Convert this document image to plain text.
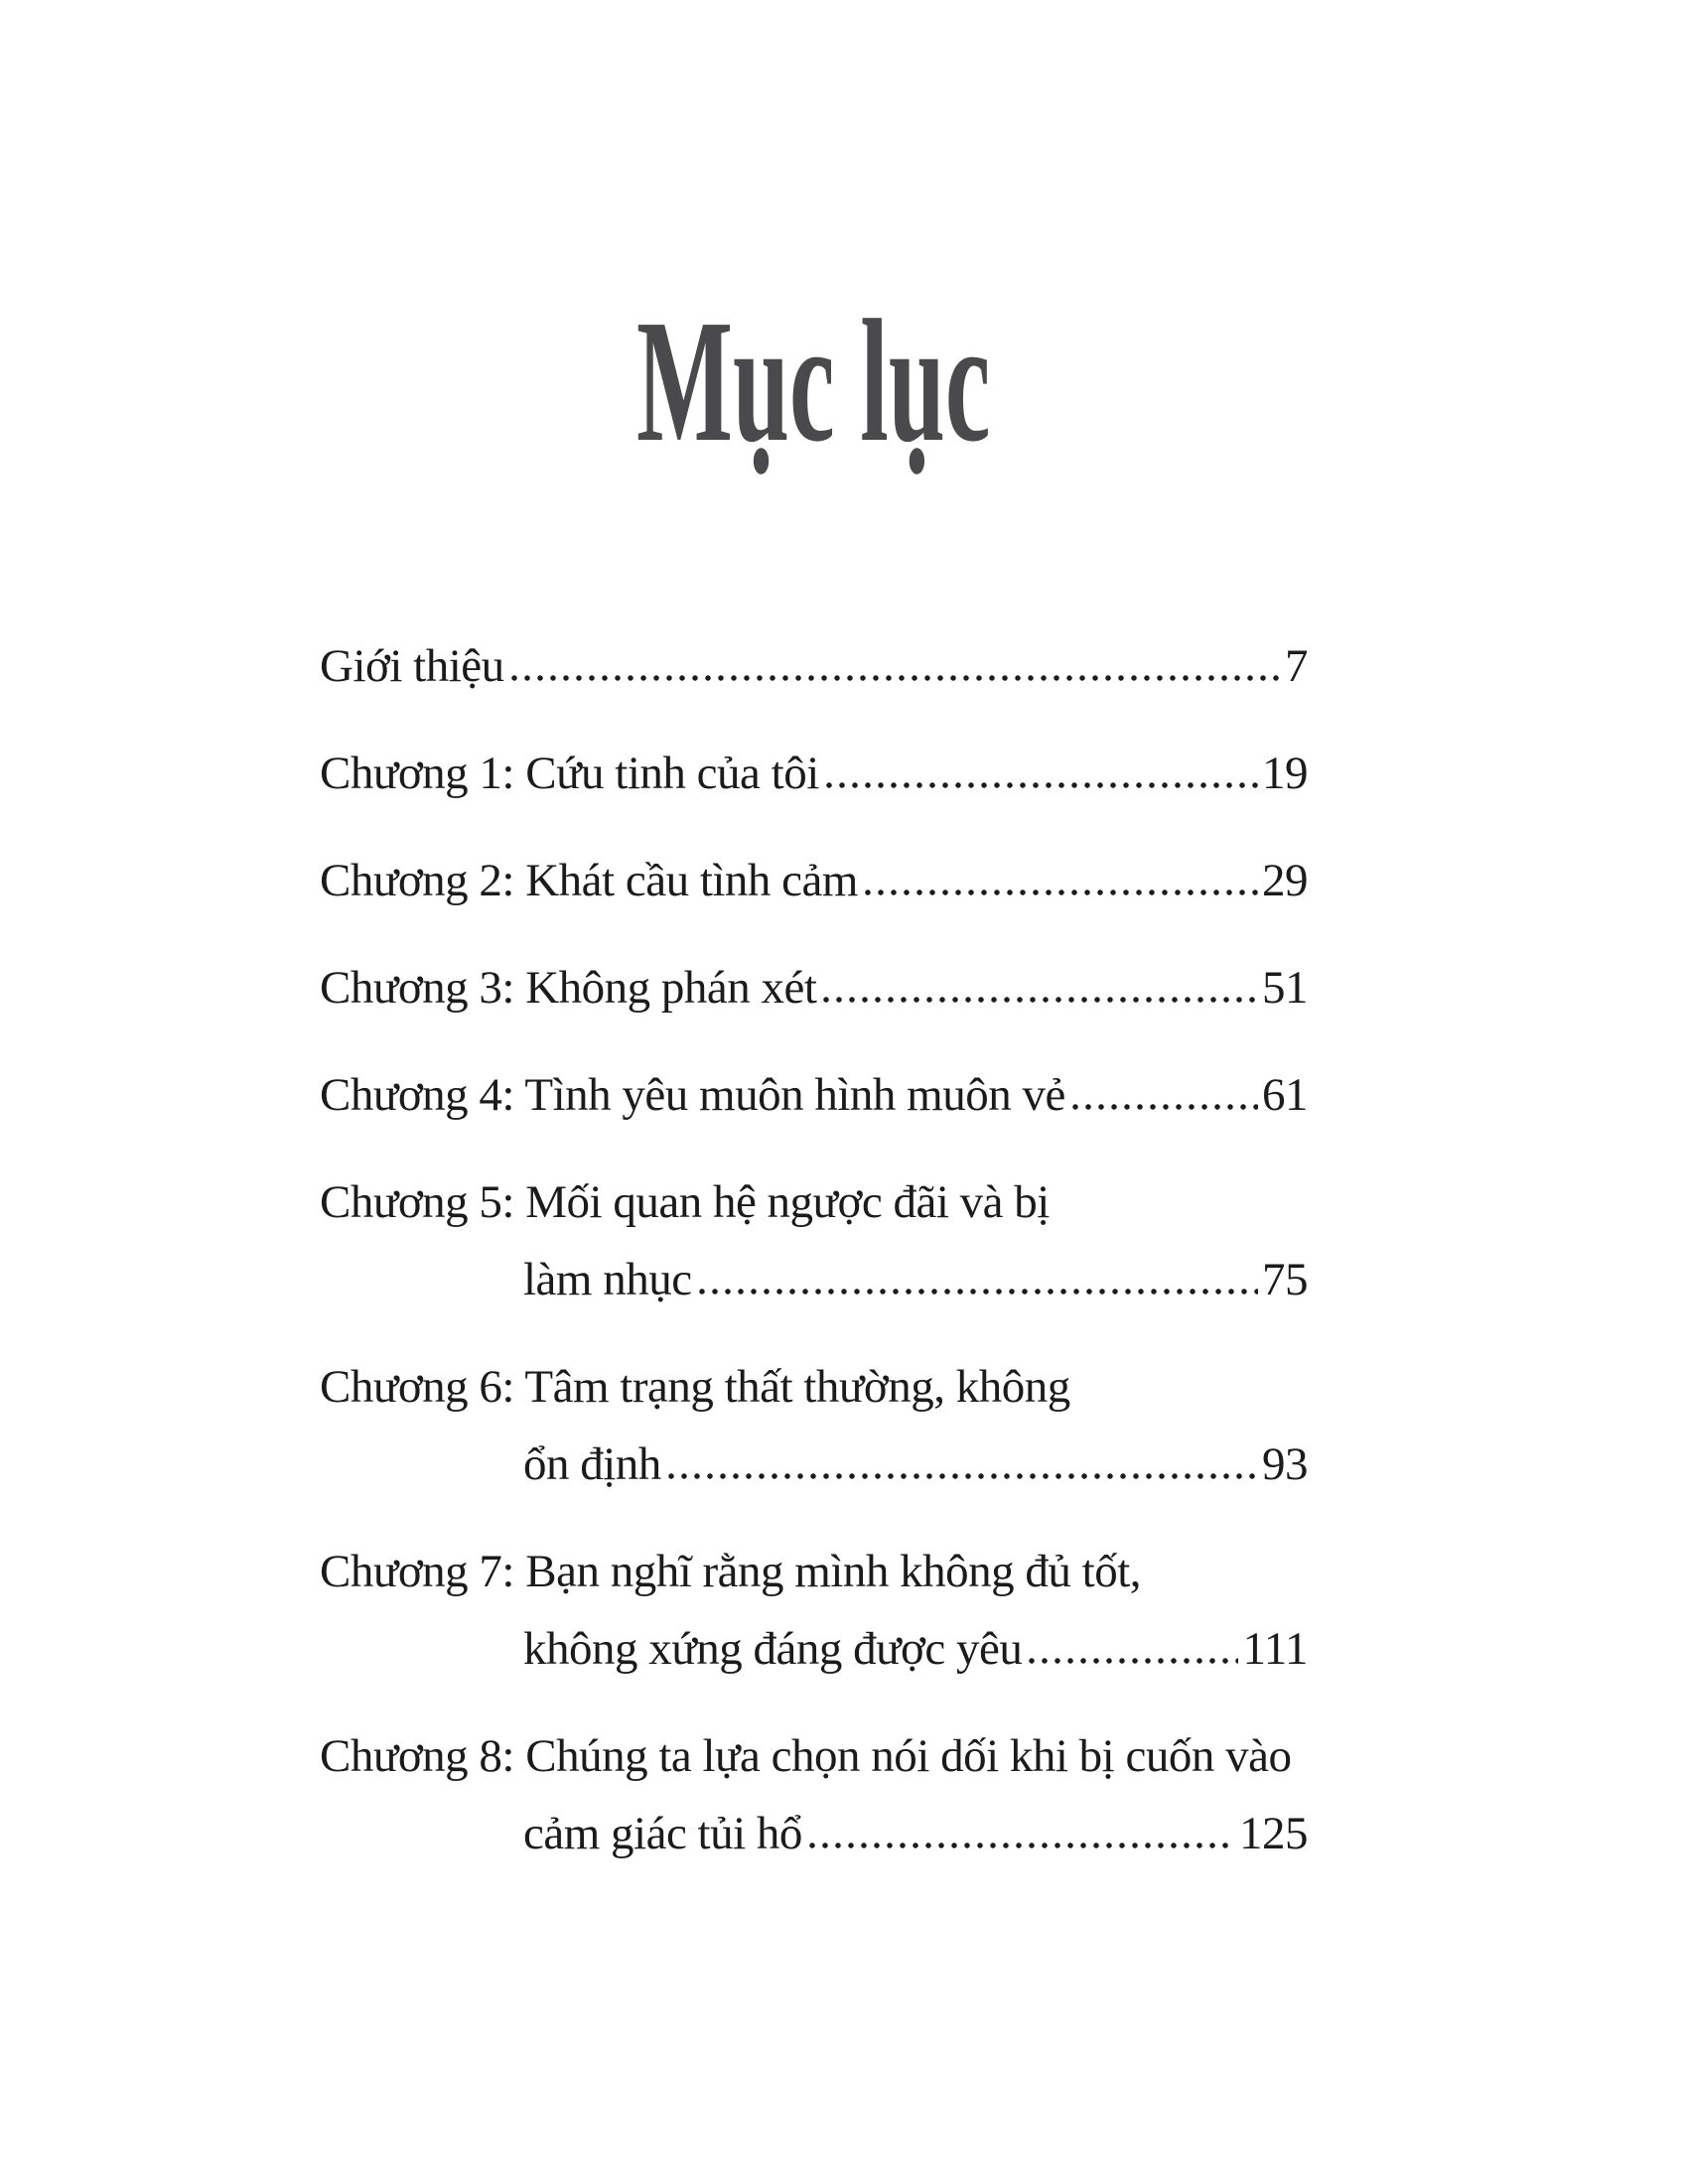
Mục lục
Giới thiệu	7
Chương 1: Cứu tinh của tôi	19
Chương 2: Khát cầu tình cảm	29
Chương 3: Không phán xét	51
Chương 4: Tình yêu muôn hình muôn vẻ	61
Chương 5: Mối quan hệ ngược đãi và bị
làm nhục	75
Chương 6: Tâm trạng thất thường, không
ổn định	93
Chương 7: Bạn nghĩ rằng mình không đủ tốt,
không xứng đáng được yêu	111
Chương 8: Chúng ta lựa chọn nói dối khi bị cuốn vào
cảm giác tủi hổ	125
